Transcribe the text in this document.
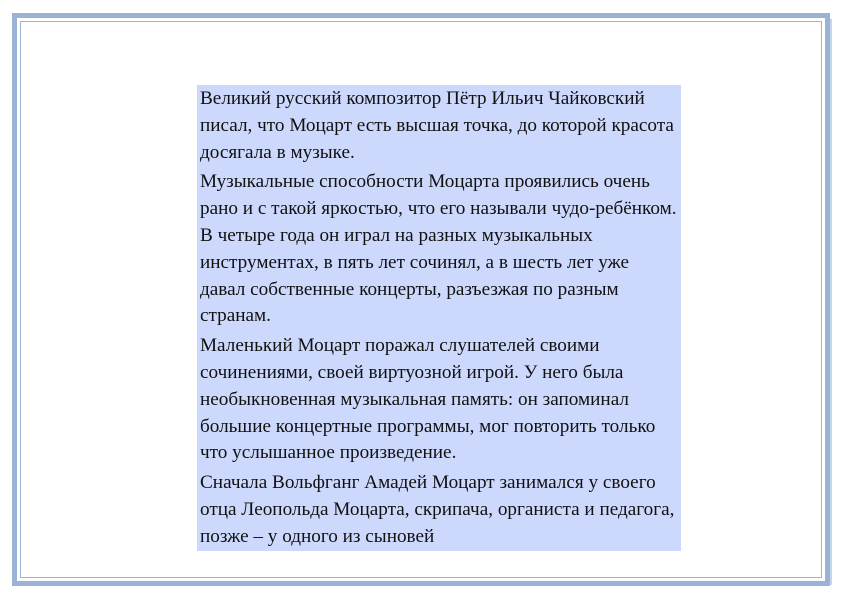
Великий русский композитор Пётр Ильич Чайковский писал, что Моцарт есть высшая точка, до которой красота досягала в музыке.

Музыкальные способности Моцарта проявились очень рано и с такой яркостью, что его называли чудо-ребёнком. В четыре года он играл на разных музыкальных инструментах, в пять лет сочинял, а в шесть лет уже давал собственные концерты, разъезжая по разным странам.

Маленький Моцарт поражал слушателей своими сочинениями, своей виртуозной игрой. У него была необыкновенная музыкальная память: он запоминал большие концертные программы, мог повторить только что услышанное произведение.

Сначала Вольфганг Амадей Моцарт занимался у своего отца Леопольда Моцарта, скрипача, органиста и педагога, позже – у одного из сыновей
